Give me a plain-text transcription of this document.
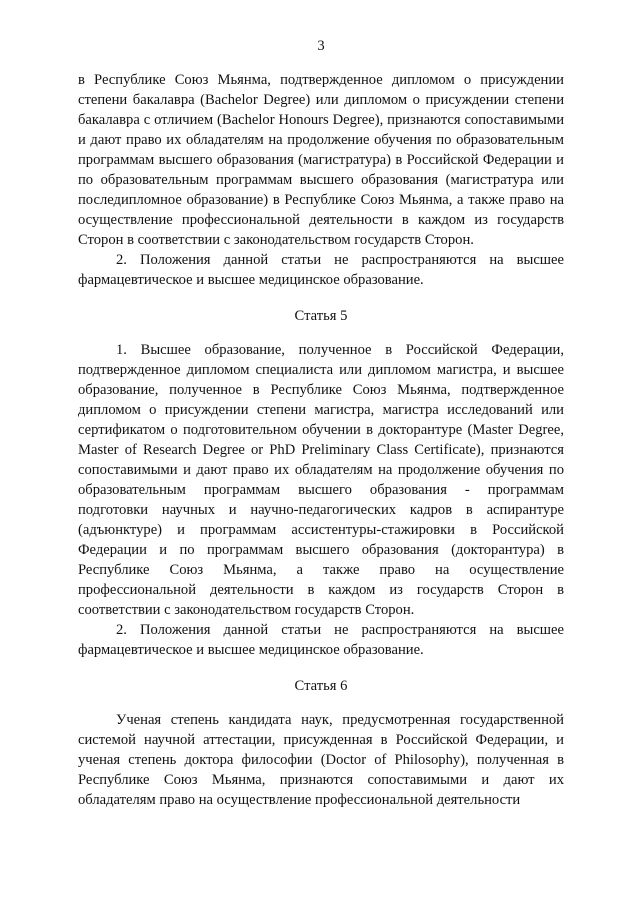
3

в Республике Союз Мьянма, подтвержденное дипломом о присуждении степени бакалавра (Bachelor Degree) или дипломом о присуждении степени бакалавра с отличием (Bachelor Honours Degree), признаются сопоставимыми и дают право их обладателям на продолжение обучения по образовательным программам высшего образования (магистратура) в Российской Федерации и по образовательным программам высшего образования (магистратура или последипломное образование) в Республике Союз Мьянма, а также право на осуществление профессиональной деятельности в каждом из государств Сторон в соответствии с законодательством государств Сторон.

2. Положения данной статьи не распространяются на высшее фармацевтическое и высшее медицинское образование.

Статья 5

1. Высшее образование, полученное в Российской Федерации, подтвержденное дипломом специалиста или дипломом магистра, и высшее образование, полученное в Республике Союз Мьянма, подтвержденное дипломом о присуждении степени магистра, магистра исследований или сертификатом о подготовительном обучении в докторантуре (Master Degree, Master of Research Degree or PhD Preliminary Class Certificate), признаются сопоставимыми и дают право их обладателям на продолжение обучения по образовательным программам высшего образования - программам подготовки научных и научно-педагогических кадров в аспирантуре (адъюнктуре) и программам ассистентуры-стажировки в Российской Федерации и по программам высшего образования (докторантура) в Республике Союз Мьянма, а также право на осуществление профессиональной деятельности в каждом из государств Сторон в соответствии с законодательством государств Сторон.

2. Положения данной статьи не распространяются на высшее фармацевтическое и высшее медицинское образование.

Статья 6

Ученая степень кандидата наук, предусмотренная государственной системой научной аттестации, присужденная в Российской Федерации, и ученая степень доктора философии (Doctor of Philosophy), полученная в Республике Союз Мьянма, признаются сопоставимыми и дают их обладателям право на осуществление профессиональной деятельности
